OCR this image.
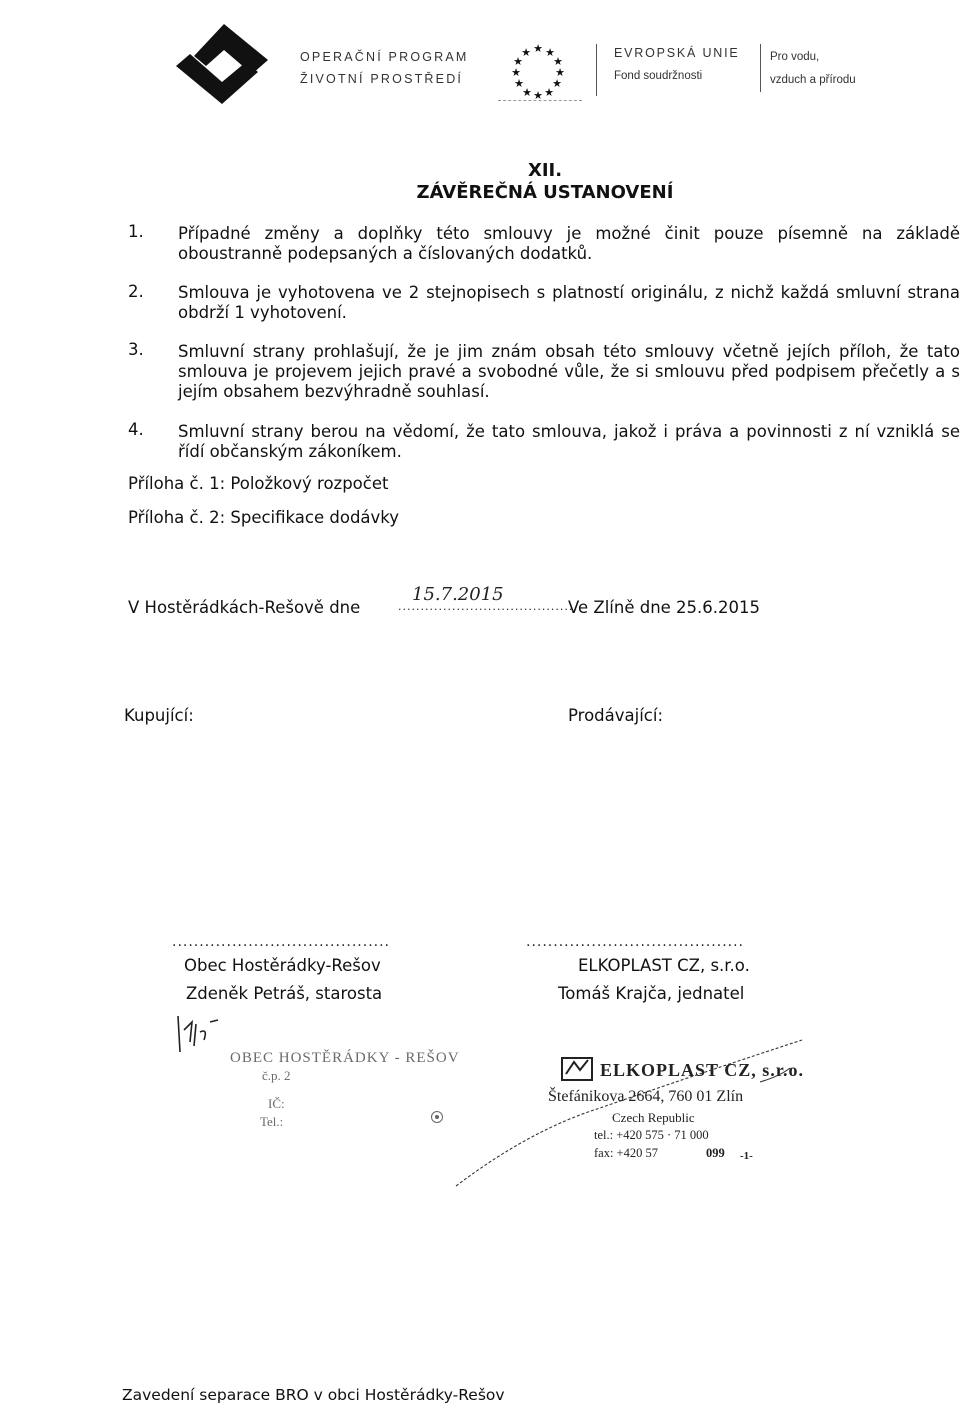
OPERAČNÍ PROGRAM
ŽIVOTNÍ PROSTŘEDÍ
★ ★
★
★
★
★
★
★
★
★
★
★	EVROPSKÁ UNIE
Fond soudržnosti
Pro vodu,
vzduch a přírodu
XII.
ZÁVĚREČNÁ USTANOVENÍ
1. Případné změny a doplňky této smlouvy je možné činit pouze písemně na základě oboustranně podepsaných a číslovaných dodatků.
2. Smlouva je vyhotovena ve 2 stejnopisech s platností originálu, z nichž každá smluvní strana obdrží 1 vyhotovení.
3. Smluvní strany prohlašují, že je jim znám obsah této smlouvy včetně jejích příloh, že tato smlouva je projevem jejich pravé a svobodné vůle, že si smlouvu před podpisem přečetly a s jejím obsahem bezvýhradně souhlasí.
4. Smluvní strany berou na vědomí, že tato smlouva, jakož i práva a povinnosti z ní vzniklá se řídí občanským zákoníkem.
Příloha č. 1: Položkový rozpočet
Příloha č. 2: Specifikace dodávky
V Hostěrádkách-Rešově dne
15.7.2015
........................................
Ve Zlíně dne 25.6.2015
Kupující:	Prodávající:
........................................
Obec Hostěrádky-Rešov
Zdeněk Petráš, starosta
........................................
ELKOPLAST CZ, s.r.o.
Tomáš Krajča, jednatel
OBEC HOSTĚRÁDKY - REŠOV
č.p. 2
IČ:
Tel.:
ELKOPLAST CZ, s.r.o.
Štefánikova 2664, 760 01 Zlín
Czech Republic
tel.: +420 575 · 71 000
fax: +420 57	099 -1-
Zavedení separace BRO v obci Hostěrádky-Rešov
